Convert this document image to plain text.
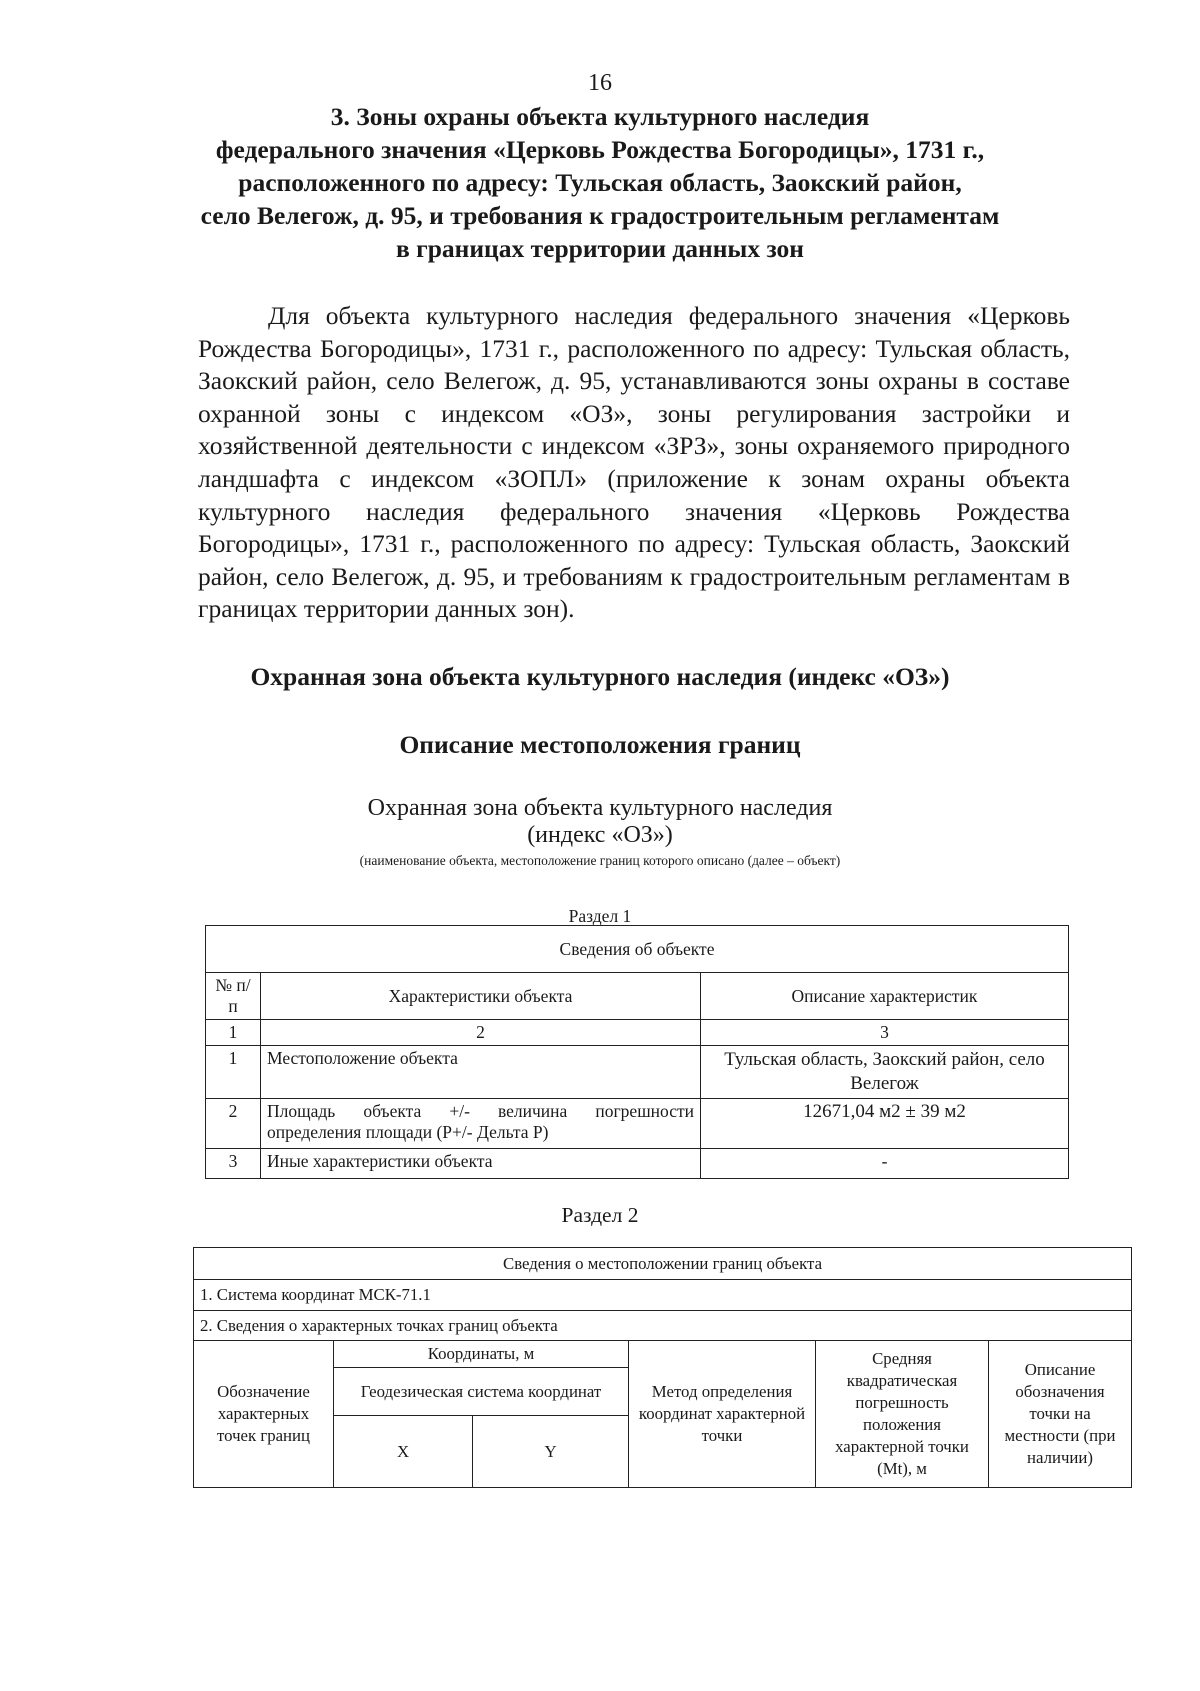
16
3. Зоны охраны объекта культурного наследия
федерального значения «Церковь Рождества Богородицы», 1731 г.,
расположенного по адресу: Тульская область, Заокский район,
село Велегож, д. 95, и требования к градостроительным регламентам
в границах территории данных зон
Для объекта культурного наследия федерального значения «Церковь Рождества Богородицы», 1731 г., расположенного по адресу: Тульская область, Заокский район, село Велегож, д. 95, устанавливаются зоны охраны в составе охранной зоны с индексом «ОЗ», зоны регулирования застройки и хозяйственной деятельности с индексом «ЗРЗ», зоны охраняемого природного ландшафта с индексом «ЗОПЛ» (приложение к зонам охраны объекта культурного наследия федерального значения «Церковь Рождества Богородицы», 1731 г., расположенного по адресу: Тульская область, Заокский район, село Велегож, д. 95, и требованиям к градостроительным регламентам в границах территории данных зон).
Охранная зона объекта культурного наследия (индекс «ОЗ»)
Описание местоположения границ
Охранная зона объекта культурного наследия
(индекс «ОЗ»)
(наименование объекта, местоположение границ которого описано (далее – объект)
Раздел 1
Сведения об объекте		
№ п/п	Характеристики объекта	Описание характеристик
1	2	3
1	Местоположение объекта	Тульская область, Заокский район, село Велегож
2	Площадь объекта +/- величина погрешности определения площади (Р+/- Дельта Р)	12671,04 м2 ± 39 м2
3	Иные характеристики объекта	-
Раздел 2
Сведения о местоположении границ объекта					
1. Система координат МСК-71.1					
2. Сведения о характерных точках границ объекта					
Обозначение характерных точек границ	Координаты, м		Метод определения координат характерной точки	Средняя квадратическая погрешность положения характерной точки (Mt), м	Описание обозначения точки на местности (при наличии)
	Геодезическая система координат				
	X	Y			
